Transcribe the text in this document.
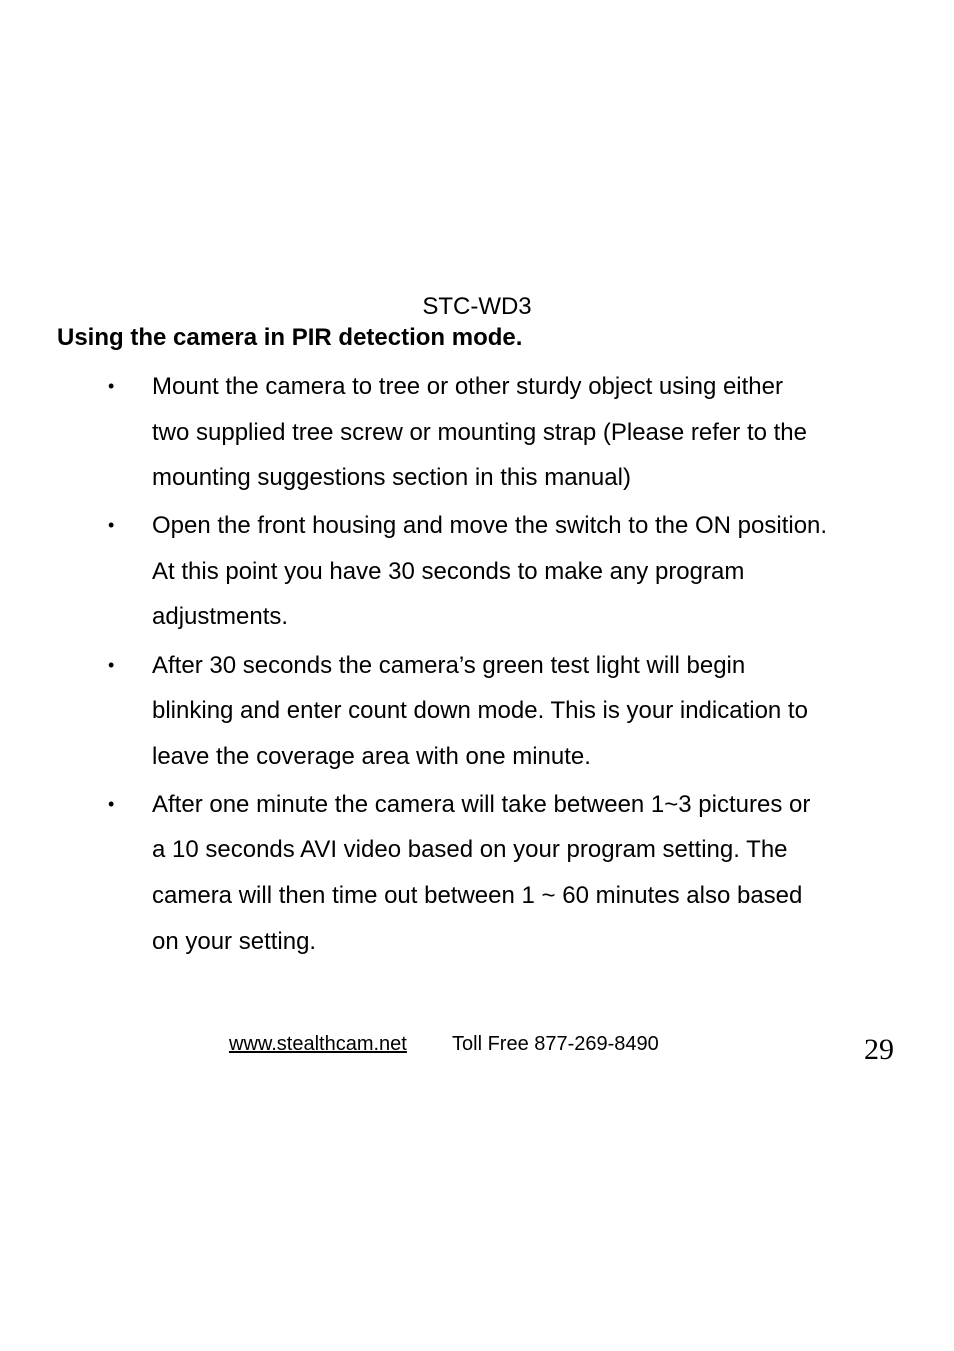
STC-WD3
Using the camera in PIR detection mode.
• Mount the camera to tree or other sturdy object using either
two supplied tree screw or mounting strap (Please refer to the
mounting suggestions section in this manual)
• Open the front housing and move the switch to the ON position.
At this point you have 30 seconds to make any program
adjustments.
• After 30 seconds the camera’s green test light will begin
blinking and enter count down mode. This is your indication to
leave the coverage area with one minute.
• After one minute the camera will take between 1~3 pictures or
a 10 seconds AVI video based on your program setting. The
camera will then time out between 1 ~ 60 minutes also based
on your setting.
www.stealthcam.net Toll Free 877-269-8490	29
